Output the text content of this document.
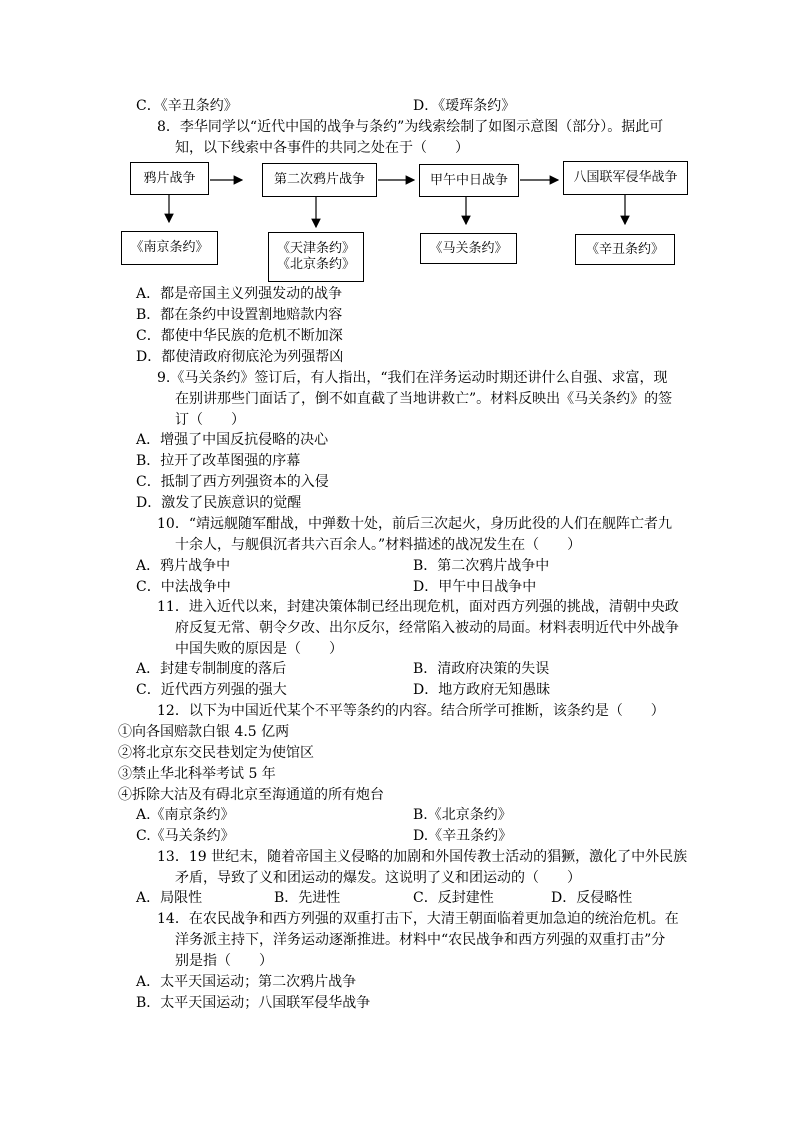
C．《辛丑条约》	D．《瑷珲条约》
8．李华同学以“近代中国的战争与条约”为线索绘制了如图示意图（部分）。据此可
知，以下线索中各事件的共同之处在于（　　）
鸦片战争	第二次鸦片战争	甲午中日战争	八国联军侵华战争
《南京条约》	《天津条约》
《北京条约》
《马关条约》	《辛丑条约》
A．都是帝国主义列强发动的战争
B．都在条约中设置割地赔款内容
C．都使中华民族的危机不断加深
D．都使清政府彻底沦为列强帮凶
9.《马关条约》签订后，有人指出，“我们在洋务运动时期还讲什么自强、求富，现
在别讲那些门面话了，倒不如直截了当地讲救亡”。材料反映出《马关条约》的签
订（　　）
A．增强了中国反抗侵略的决心
B．拉开了改革图强的序幕
C．抵制了西方列强资本的入侵
D．激发了民族意识的觉醒
10．“靖远舰随军酣战，中弹数十处，前后三次起火，身历此役的人们在舰阵亡者九
十余人，与舰俱沉者共六百余人。”材料描述的战况发生在（　　）
A．鸦片战争中	B．第二次鸦片战争中
C．中法战争中	D．甲午中日战争中
11．进入近代以来，封建决策体制已经出现危机，面对西方列强的挑战，清朝中央政
府反复无常、朝令夕改、出尔反尔，经常陷入被动的局面。材料表明近代中外战争
中国失败的原因是（　　）
A．封建专制制度的落后	B．清政府决策的失误
C．近代西方列强的强大	D．地方政府无知愚昧
12．以下为中国近代某个不平等条约的内容。结合所学可推断，该条约是（　　）
①向各国赔款白银 4.5 亿两
②将北京东交民巷划定为使馆区
③禁止华北科举考试 5 年
④拆除大沽及有碍北京至海通道的所有炮台
A.《南京条约》	B.《北京条约》
C.《马关条约》	D.《辛丑条约》
13．19 世纪末，随着帝国主义侵略的加剧和外国传教士活动的猖獗，激化了中外民族
矛盾，导致了义和团运动的爆发。这说明了义和团运动的（　　）
A．局限性	B．先进性	C．反封建性	D．反侵略性
14．在农民战争和西方列强的双重打击下，大清王朝面临着更加急迫的统治危机。在
洋务派主持下，洋务运动逐渐推进。材料中“农民战争和西方列强的双重打击”分
别是指（　　）
A．太平天国运动；第二次鸦片战争
B．太平天国运动；八国联军侵华战争
